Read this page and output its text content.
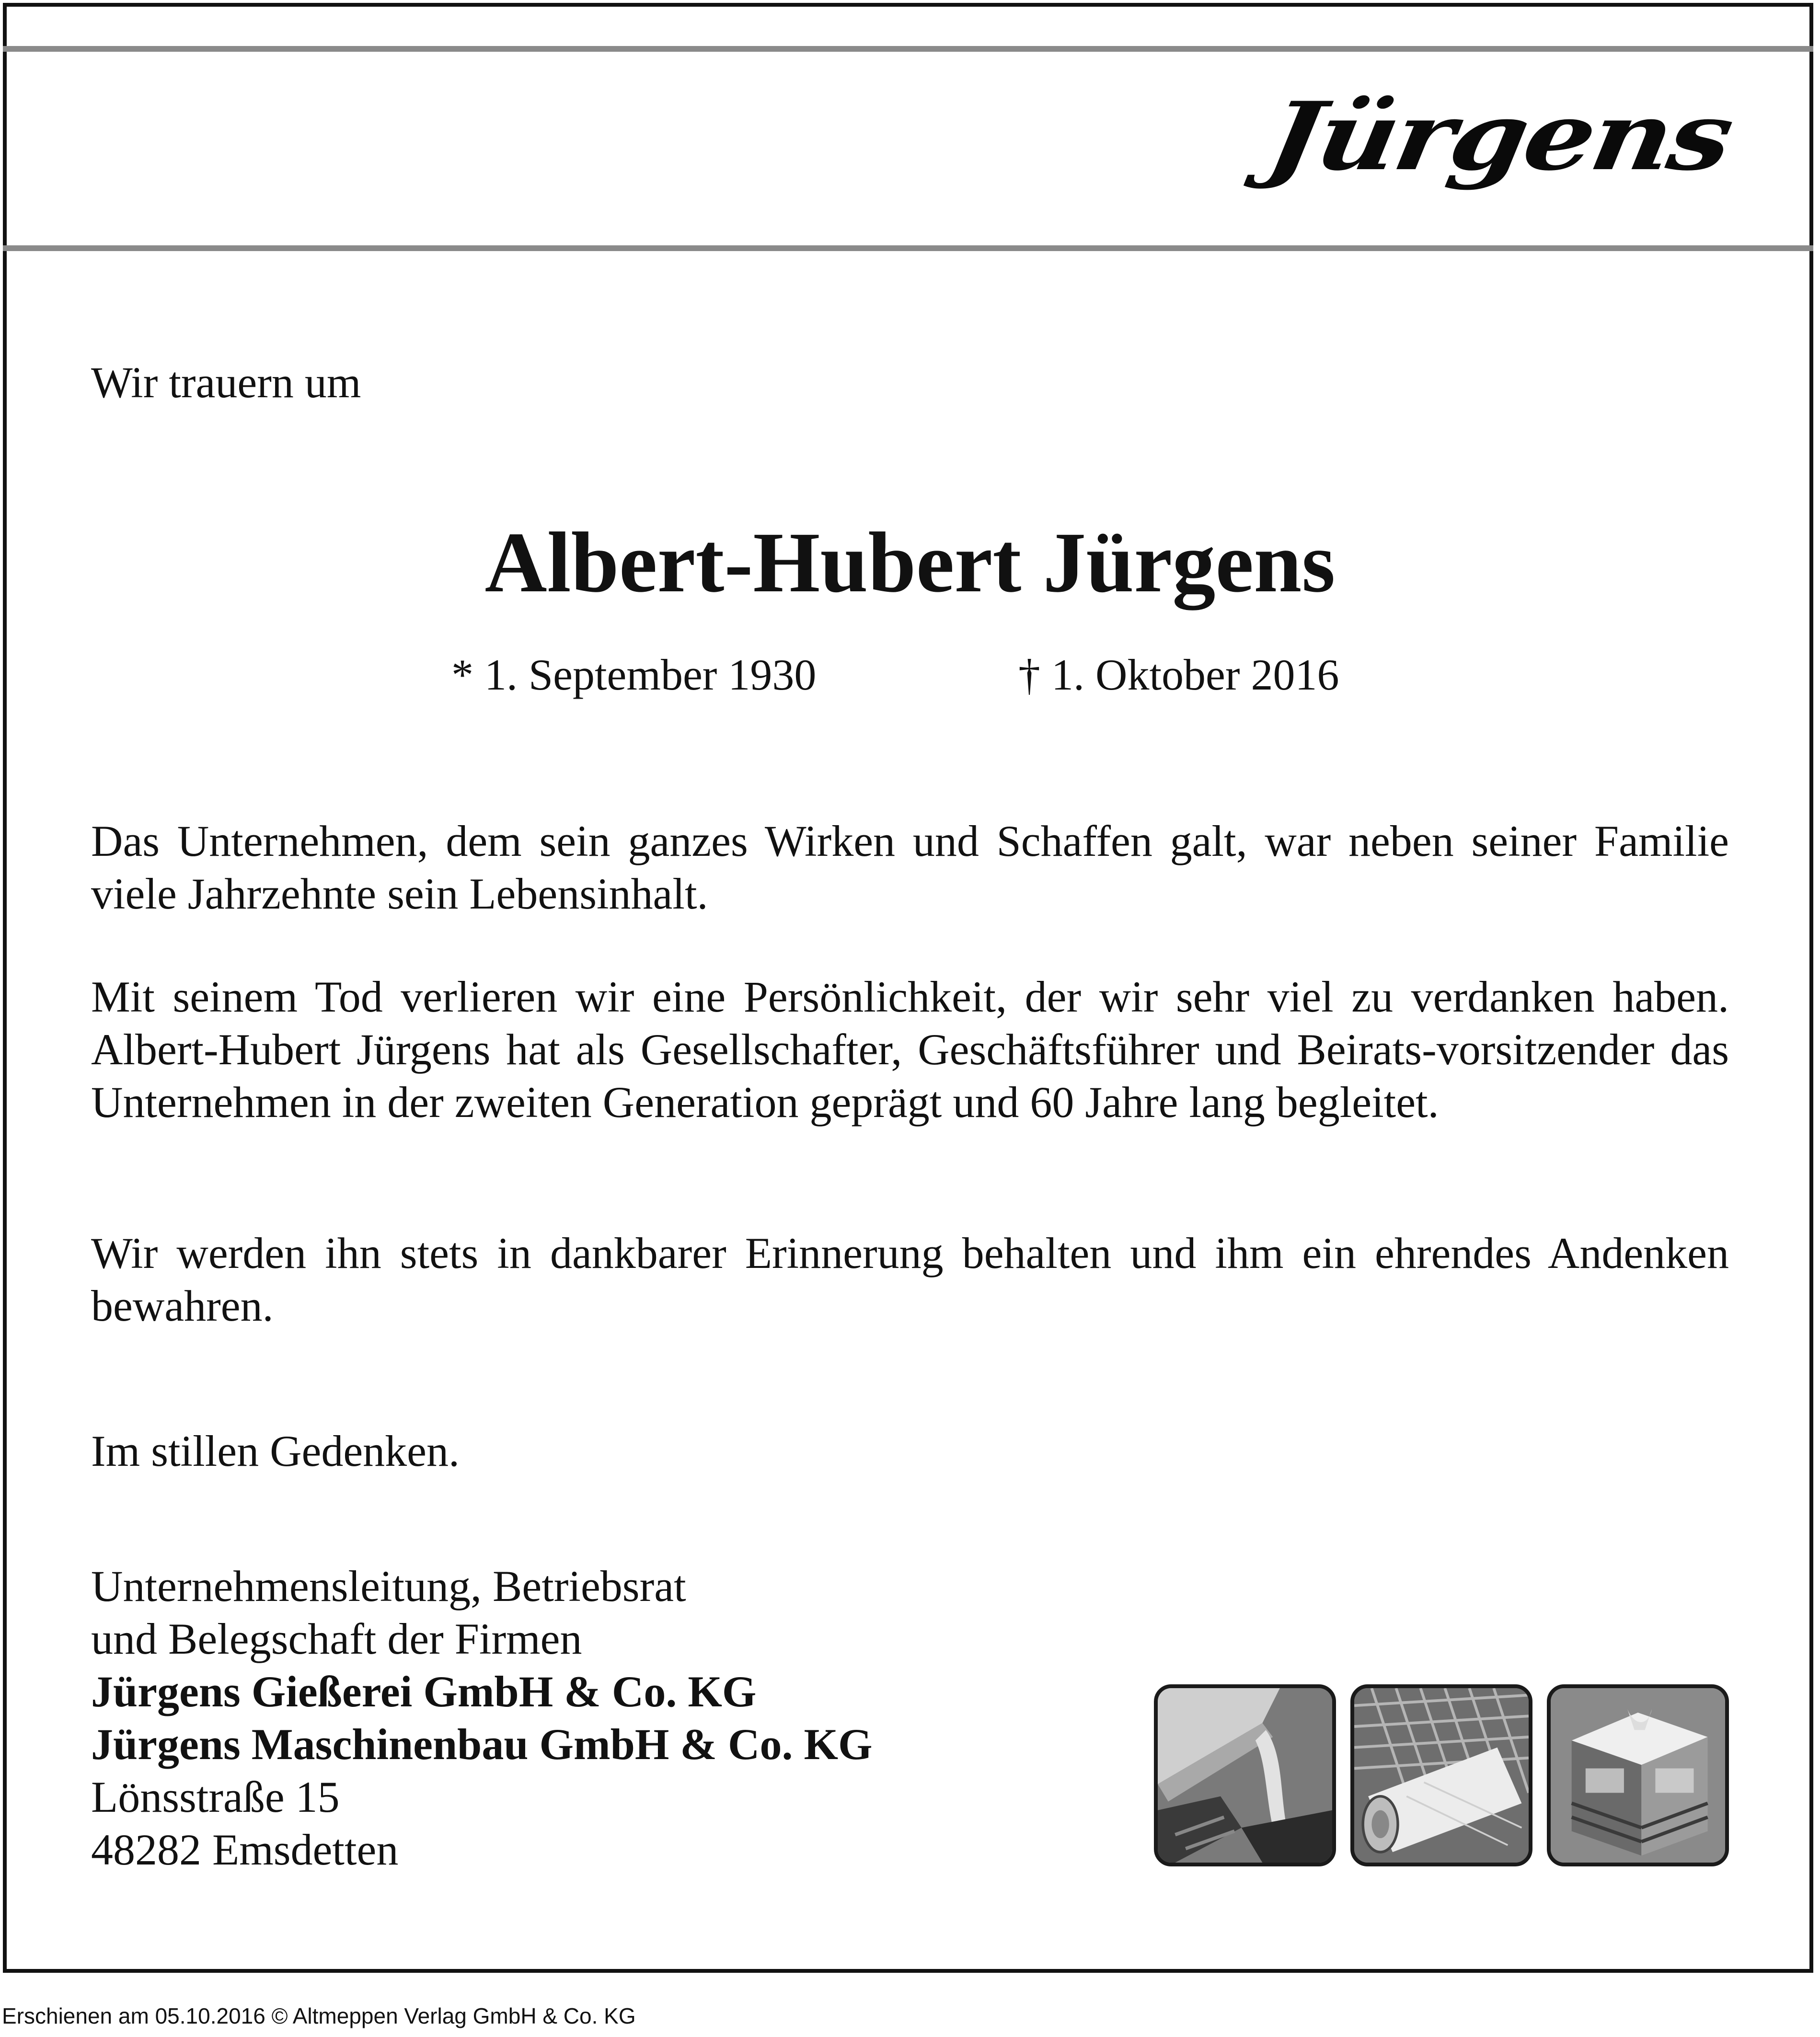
Jürgens
Wir trauern um
Albert-Hubert Jürgens
* 1. September 1930	† 1. Oktober 2016

Das Unternehmen, dem sein ganzes Wirken und Schaffen galt, war neben seiner Familie viele Jahrzehnte sein Lebensinhalt.

Mit seinem Tod verlieren wir eine Persönlichkeit, der wir sehr viel zu verdanken haben. Albert-Hubert Jürgens hat als Gesellschafter, Geschäftsführer und Beirats-vorsitzender das Unternehmen in der zweiten Generation geprägt und 60 Jahre lang begleitet.

Wir werden ihn stets in dankbarer Erinnerung behalten und ihm ein ehrendes Andenken bewahren.

Im stillen Gedenken.
Unternehmensleitung, Betriebsrat
und Belegschaft der Firmen
Jürgens Gießerei GmbH & Co. KG
Jürgens Maschinenbau GmbH & Co. KG
Lönsstraße 15
48282 Emsdetten
Erschienen am 05.10.2016 © Altmeppen Verlag GmbH & Co. KG
